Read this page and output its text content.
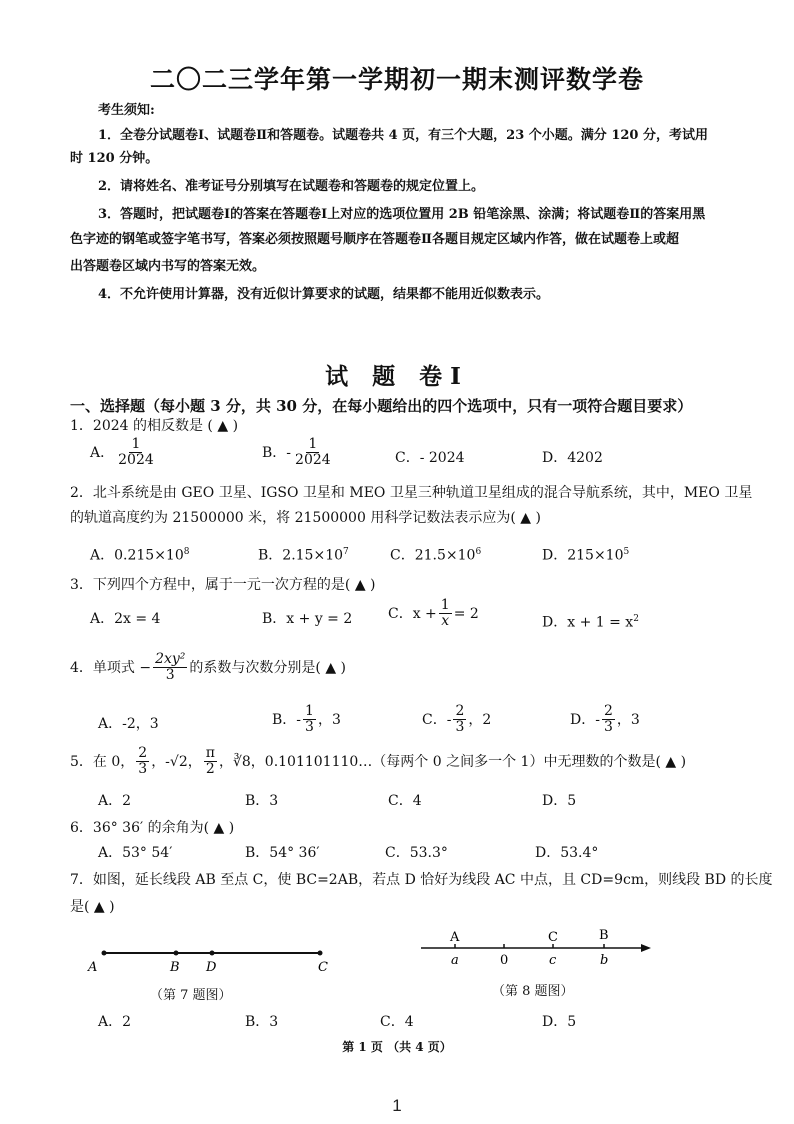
二〇二三学年第一学期初一期末测评数学卷
考生须知:
1．全卷分试题卷Ⅰ、试题卷Ⅱ和答题卷。试题卷共 4 页，有三个大题，23 个小题。满分 120 分，考试用
时 120 分钟。
2．请将姓名、准考证号分别填写在试题卷和答题卷的规定位置上。
3．答题时，把试题卷Ⅰ的答案在答题卷Ⅰ上对应的选项位置用 2B 铅笔涂黑、涂满；将试题卷Ⅱ的答案用黑
色字迹的钢笔或签字笔书写，答案必须按照题号顺序在答题卷Ⅱ各题目规定区域内作答，做在试题卷上或超
出答题卷区域内书写的答案无效。
4．不允许使用计算器，没有近似计算要求的试题，结果都不能用近似数表示。
试 题 卷Ⅰ
一、选择题（每小题 3 分，共 30 分，在每小题给出的四个选项中，只有一项符合题目要求）
1．2024 的相反数是 ( ▲ )
A． $\frac{1}{2024}$	B．- $\frac{1}{2024}$	C．- 2024	D．4202
2．北斗系统是由 GEO 卫星、IGSO 卫星和 MEO 卫星三种轨道卫星组成的混合导航系统，其中，MEO 卫星
的轨道高度约为 21500000 米，将 21500000 用科学记数法表示应为( ▲ )
A．$0.215\times 10^8$	B．$2.15\times 10^7$	C．$21.5\times 10^6$	D．$215\times 10^5$
3．下列四个方程中，属于一元一次方程的是( ▲ )
A．2x = 4	B．x + y = 2	C．$x + \frac{1}{x} = 2$
D．$x + 1 = x^2$
4．单项式 − $\frac{\text{2xy²}}{3}$ 的系数与次数分别是( ▲ )
A．-2，3	B．- $\frac{1}{3}$ ，3	C．- $\frac{2}{3}$ ，2	D．- $\frac{2}{3}$ ，3
5．在 0， $\frac{2}{3}$ ，-√2， $\frac{\pi}{2}$ ，∛8，0.101101110…（每两个 0 之间多一个 1）中无理数的个数是( ▲ )
A．2	B．3	C．4	D．5
6．36° 36′ 的余角为( ▲ )
A．53° 54′	B．54° 36′	C．53.3°	D．53.4°
7．如图，延长线段 AB 至点 C，使 BC=2AB，若点 D 恰好为线段 AC 中点，且 CD=9cm，则线段 BD 的长度
是( ▲ )
A	B D	C
（第 7 题图）
A	C	B
a	0	c	b
（第 8 题图）
A．2	B．3	C．4	D．5
第 1 页 （共 4 页）
1
